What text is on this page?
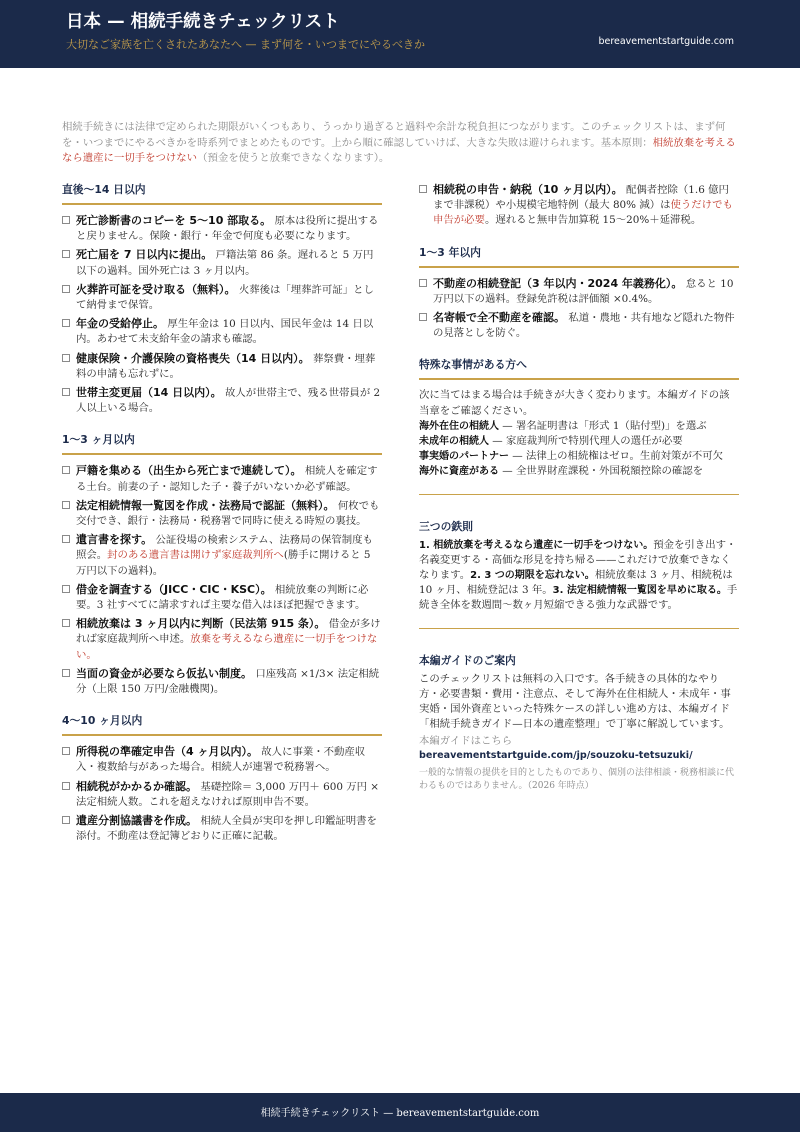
日本 — 相続手続きチェックリスト
大切なご家族を亡くされたあなたへ — まず何を・いつまでにやるべきか	bereavementstartguide.com
相続手続きには法律で定められた期限がいくつもあり、うっかり過ぎると過料や余計な税負担につながります。このチェックリストは、まず何を・いつまでにやるべきかを時系列でまとめたものです。上から順に確認していけば、大きな失敗は避けられます。基本原則：相続放棄を考えるなら遺産に一切手をつけない（預金を使うと放棄できなくなります）。
直後〜14 日以内
死亡診断書のコピーを 5〜10 部取る。 原本は役所に提出すると戻りません。保険・銀行・年金で何度も必要になります。
死亡届を 7 日以内に提出。 戸籍法第 86 条。遅れると 5 万円以下の過料。国外死亡は 3 ヶ月以内。
火葬許可証を受け取る（無料）。 火葬後は「埋葬許可証」として納骨まで保管。
年金の受給停止。 厚生年金は 10 日以内、国民年金は 14 日以内。あわせて未支給年金の請求も確認。
健康保険・介護保険の資格喪失（14 日以内）。 葬祭費・埋葬料の申請も忘れずに。
世帯主変更届（14 日以内）。 故人が世帯主で、残る世帯員が 2 人以上いる場合。
1〜3 ヶ月以内
戸籍を集める（出生から死亡まで連続して）。 相続人を確定する土台。前妻の子・認知した子・養子がいないか必ず確認。
法定相続情報一覧図を作成・法務局で認証（無料）。 何枚でも交付でき、銀行・法務局・税務署で同時に使える時短の裏技。
遺言書を探す。 公証役場の検索システム、法務局の保管制度も照会。封のある遺言書は開けず家庭裁判所へ(勝手に開けると 5 万円以下の過料)。
借金を調査する（JICC・CIC・KSC）。 相続放棄の判断に必要。3 社すべてに請求すれば主要な借入はほぼ把握できます。
相続放棄は 3 ヶ月以内に判断（民法第 915 条）。 借金が多ければ家庭裁判所へ申述。放棄を考えるなら遺産に一切手をつけない。
当面の資金が必要なら仮払い制度。 口座残高 ×1/3× 法定相続分（上限 150 万円/金融機関)。
4〜10 ヶ月以内
所得税の準確定申告（4 ヶ月以内）。 故人に事業・不動産収入・複数給与があった場合。相続人が連署で税務署へ。
相続税がかかるか確認。 基礎控除＝ 3,000 万円＋ 600 万円 × 法定相続人数。これを超えなければ原則申告不要。
遺産分割協議書を作成。 相続人全員が実印を押し印鑑証明書を添付。不動産は登記簿どおりに正確に記載。
相続税の申告・納税（10 ヶ月以内）。 配偶者控除（1.6 億円まで非課税）や小規模宅地特例（最大 80% 減）は使うだけでも申告が必要。遅れると無申告加算税 15〜20%＋延滞税。
1〜3 年以内
不動産の相続登記（3 年以内・2024 年義務化）。 怠ると 10 万円以下の過料。登録免許税は評価額 ×0.4%。
名寄帳で全不動産を確認。 私道・農地・共有地など隠れた物件の見落としを防ぐ。
特殊な事情がある方へ
次に当てはまる場合は手続きが大きく変わります。本編ガイドの該当章をご確認ください。
海外在住の相続人 — 署名証明書は「形式 1（貼付型)」を選ぶ
未成年の相続人 — 家庭裁判所で特別代理人の選任が必要
事実婚のパートナー — 法律上の相続権はゼロ。生前対策が不可欠
海外に資産がある — 全世界財産課税・外国税額控除の確認を
三つの鉄則
1. 相続放棄を考えるなら遺産に一切手をつけない。預金を引き出す・名義変更する・高価な形見を持ち帰る——これだけで放棄できなくなります。2. 3 つの期限を忘れない。相続放棄は 3 ヶ月、相続税は 10 ヶ月、相続登記は 3 年。3. 法定相続情報一覧図を早めに取る。手続き全体を数週間〜数ヶ月短縮できる強力な武器です。
本編ガイドのご案内
このチェックリストは無料の入口です。各手続きの具体的なやり方・必要書類・費用・注意点、そして海外在住相続人・未成年・事実婚・国外資産といった特殊ケースの詳しい進め方は、本編ガイド「相続手続きガイド—日本の遺産整理」で丁寧に解説しています。
本編ガイドはこちら
bereavementstartguide.com/jp/souzoku-tetsuzuki/
一般的な情報の提供を目的としたものであり、個別の法律相談・税務相談に代わるものではありません。（2026 年時点）
相続手続きチェックリスト — bereavementstartguide.com
